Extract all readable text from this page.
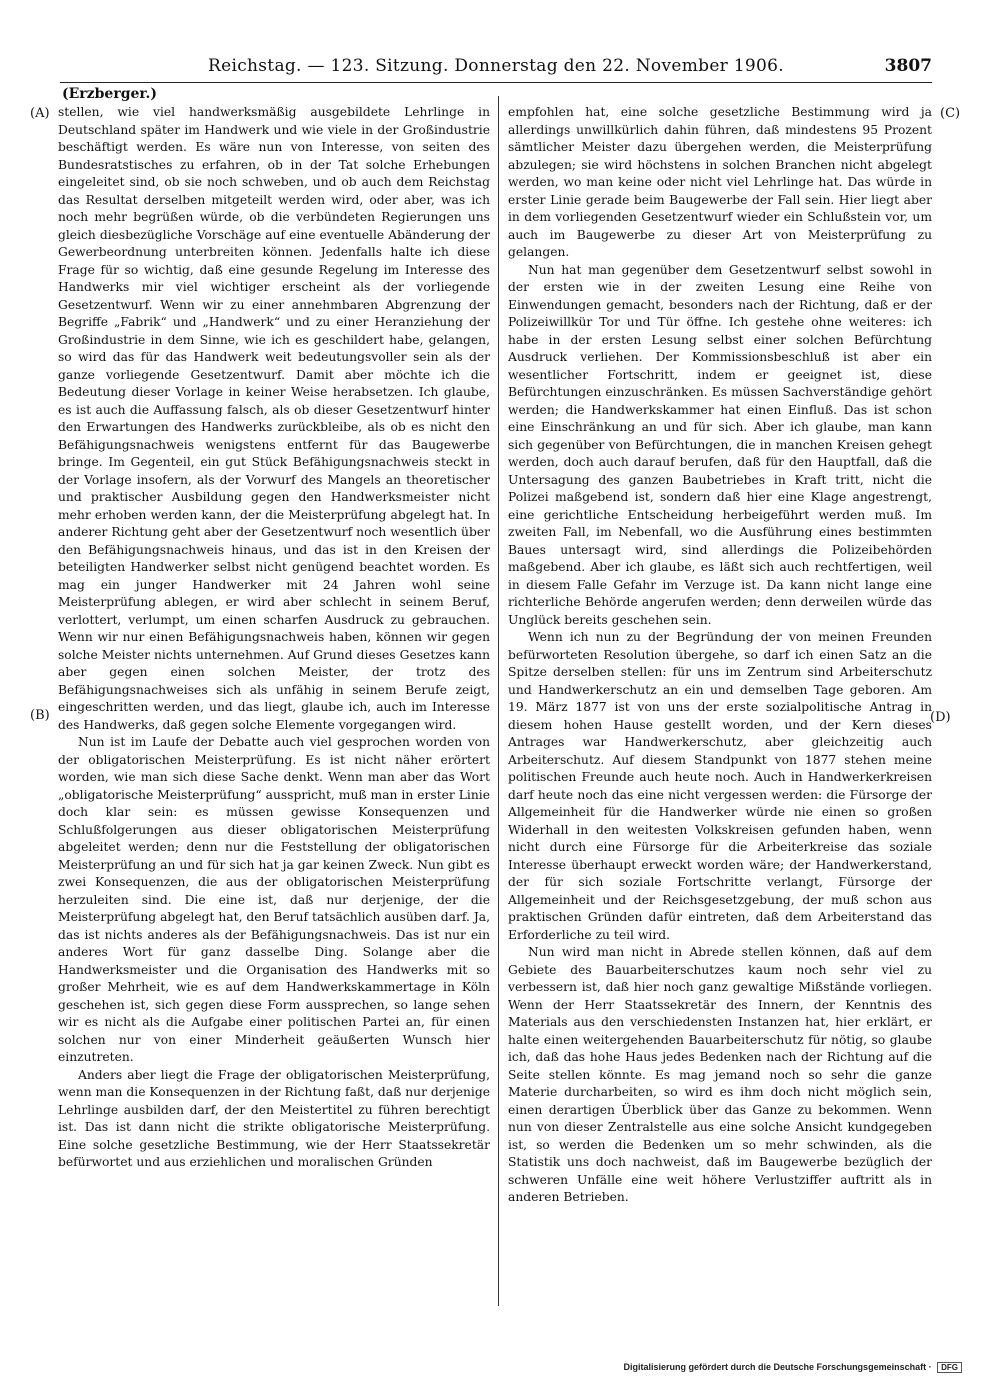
Reichstag. — 123. Sitzung. Donnerstag den 22. November 1906.	3807
(Erzberger.)
(A)
(B)
(C)
(D)

stellen, wie viel handwerksmäßig ausgebildete Lehrlinge in Deutschland später im Handwerk und wie viele in der Großindustrie beschäftigt werden. Es wäre nun von Interesse, von seiten des Bundesratstisches zu erfahren, ob in der Tat solche Erhebungen eingeleitet sind, ob sie noch schweben, und ob auch dem Reichstag das Resultat derselben mitgeteilt werden wird, oder aber, was ich noch mehr begrüßen würde, ob die verbündeten Regierungen uns gleich diesbezügliche Vorschäge auf eine eventuelle Abänderung der Gewerbeordnung unterbreiten können. Jedenfalls halte ich diese Frage für so wichtig, daß eine gesunde Regelung im Interesse des Handwerks mir viel wichtiger erscheint als der vorliegende Gesetzentwurf. Wenn wir zu einer annehmbaren Abgrenzung der Begriffe „Fabrik“ und „Handwerk“ und zu einer Heranziehung der Großindustrie in dem Sinne, wie ich es geschildert habe, gelangen, so wird das für das Handwerk weit bedeutungsvoller sein als der ganze vorliegende Gesetzentwurf. Damit aber möchte ich die Bedeutung dieser Vorlage in keiner Weise herabsetzen. Ich glaube, es ist auch die Auffassung falsch, als ob dieser Gesetzentwurf hinter den Erwartungen des Handwerks zurückbleibe, als ob es nicht den Befähigungsnachweis wenigstens entfernt für das Baugewerbe bringe. Im Gegenteil, ein gut Stück Befähigungsnachweis steckt in der Vorlage insofern, als der Vorwurf des Mangels an theoretischer und praktischer Ausbildung gegen den Handwerksmeister nicht mehr erhoben werden kann, der die Meisterprüfung abgelegt hat. In anderer Richtung geht aber der Gesetzentwurf noch wesentlich über den Befähigungsnachweis hinaus, und das ist in den Kreisen der beteiligten Handwerker selbst nicht genügend beachtet worden. Es mag ein junger Handwerker mit 24 Jahren wohl seine Meisterprüfung ablegen, er wird aber schlecht in seinem Beruf, verlottert, verlumpt, um einen scharfen Ausdruck zu gebrauchen. Wenn wir nur einen Befähigungsnachweis haben, können wir gegen solche Meister nichts unternehmen. Auf Grund dieses Gesetzes kann aber gegen einen solchen Meister, der trotz des Befähigungsnachweises sich als unfähig in seinem Berufe zeigt, eingeschritten werden, und das liegt, glaube ich, auch im Interesse des Handwerks, daß gegen solche Elemente vorgegangen wird.

Nun ist im Laufe der Debatte auch viel gesprochen worden von der obligatorischen Meisterprüfung. Es ist nicht näher erörtert worden, wie man sich diese Sache denkt. Wenn man aber das Wort „obligatorische Meisterprüfung“ ausspricht, muß man in erster Linie doch klar sein: es müssen gewisse Konsequenzen und Schlußfolgerungen aus dieser obligatorischen Meisterprüfung abgeleitet werden; denn nur die Feststellung der obligatorischen Meisterprüfung an und für sich hat ja gar keinen Zweck. Nun gibt es zwei Konsequenzen, die aus der obligatorischen Meisterprüfung herzuleiten sind. Die eine ist, daß nur derjenige, der die Meisterprüfung abgelegt hat, den Beruf tatsächlich ausüben darf. Ja, das ist nichts anderes als der Befähigungsnachweis. Das ist nur ein anderes Wort für ganz dasselbe Ding. Solange aber die Handwerksmeister und die Organisation des Handwerks mit so großer Mehrheit, wie es auf dem Handwerkskammertage in Köln geschehen ist, sich gegen diese Form aussprechen, so lange sehen wir es nicht als die Aufgabe einer politischen Partei an, für einen solchen nur von einer Minderheit geäußerten Wunsch hier einzutreten.

Anders aber liegt die Frage der obligatorischen Meisterprüfung, wenn man die Konsequenzen in der Richtung faßt, daß nur derjenige Lehrlinge ausbilden darf, der den Meistertitel zu führen berechtigt ist. Das ist dann nicht die strikte obligatorische Meisterprüfung. Eine solche gesetzliche Bestimmung, wie der Herr Staatssekretär befürwortet und aus erziehlichen und moralischen Gründen

empfohlen hat, eine solche gesetzliche Bestimmung wird ja allerdings unwillkürlich dahin führen, daß mindestens 95 Prozent sämtlicher Meister dazu übergehen werden, die Meisterprüfung abzulegen; sie wird höchstens in solchen Branchen nicht abgelegt werden, wo man keine oder nicht viel Lehrlinge hat. Das würde in erster Linie gerade beim Baugewerbe der Fall sein. Hier liegt aber in dem vorliegenden Gesetzentwurf wieder ein Schlußstein vor, um auch im Baugewerbe zu dieser Art von Meisterprüfung zu gelangen.

Nun hat man gegenüber dem Gesetzentwurf selbst sowohl in der ersten wie in der zweiten Lesung eine Reihe von Einwendungen gemacht, besonders nach der Richtung, daß er der Polizeiwillkür Tor und Tür öffne. Ich gestehe ohne weiteres: ich habe in der ersten Lesung selbst einer solchen Befürchtung Ausdruck verliehen. Der Kommissionsbeschluß ist aber ein wesentlicher Fortschritt, indem er geeignet ist, diese Befürchtungen einzuschränken. Es müssen Sachverständige gehört werden; die Handwerkskammer hat einen Einfluß. Das ist schon eine Einschränkung an und für sich. Aber ich glaube, man kann sich gegenüber von Befürchtungen, die in manchen Kreisen gehegt werden, doch auch darauf berufen, daß für den Hauptfall, daß die Untersagung des ganzen Baubetriebes in Kraft tritt, nicht die Polizei maßgebend ist, sondern daß hier eine Klage angestrengt, eine gerichtliche Entscheidung herbeigeführt werden muß. Im zweiten Fall, im Nebenfall, wo die Ausführung eines bestimmten Baues untersagt wird, sind allerdings die Polizeibehörden maßgebend. Aber ich glaube, es läßt sich auch rechtfertigen, weil in diesem Falle Gefahr im Verzuge ist. Da kann nicht lange eine richterliche Behörde angerufen werden; denn derweilen würde das Unglück bereits geschehen sein.

Wenn ich nun zu der Begründung der von meinen Freunden befürworteten Resolution übergehe, so darf ich einen Satz an die Spitze derselben stellen: für uns im Zentrum sind Arbeiterschutz und Handwerkerschutz an ein und demselben Tage geboren. Am 19. März 1877 ist von uns der erste sozialpolitische Antrag in diesem hohen Hause gestellt worden, und der Kern dieses Antrages war Handwerkerschutz, aber gleichzeitig auch Arbeiterschutz. Auf diesem Standpunkt von 1877 stehen meine politischen Freunde auch heute noch. Auch in Handwerkerkreisen darf heute noch das eine nicht vergessen werden: die Fürsorge der Allgemeinheit für die Handwerker würde nie einen so großen Widerhall in den weitesten Volkskreisen gefunden haben, wenn nicht durch eine Fürsorge für die Arbeiterkreise das soziale Interesse überhaupt erweckt worden wäre; der Handwerkerstand, der für sich soziale Fortschritte verlangt, Fürsorge der Allgemeinheit und der Reichsgesetzgebung, der muß schon aus praktischen Gründen dafür eintreten, daß dem Arbeiterstand das Erforderliche zu teil wird.

Nun wird man nicht in Abrede stellen können, daß auf dem Gebiete des Bauarbeiterschutzes kaum noch sehr viel zu verbessern ist, daß hier noch ganz gewaltige Mißstände vorliegen. Wenn der Herr Staatssekretär des Innern, der Kenntnis des Materials aus den verschiedensten Instanzen hat, hier erklärt, er halte einen weitergehenden Bauarbeiterschutz für nötig, so glaube ich, daß das hohe Haus jedes Bedenken nach der Richtung auf die Seite stellen könnte. Es mag jemand noch so sehr die ganze Materie durcharbeiten, so wird es ihm doch nicht möglich sein, einen derartigen Überblick über das Ganze zu bekommen. Wenn nun von dieser Zentralstelle aus eine solche Ansicht kundgegeben ist, so werden die Bedenken um so mehr schwinden, als die Statistik uns doch nachweist, daß im Baugewerbe bezüglich der schweren Unfälle eine weit höhere Verlustziffer auftritt als in anderen Betrieben.

Digitalisierung gefördert durch die Deutsche Forschungsgemeinschaft · DFG
